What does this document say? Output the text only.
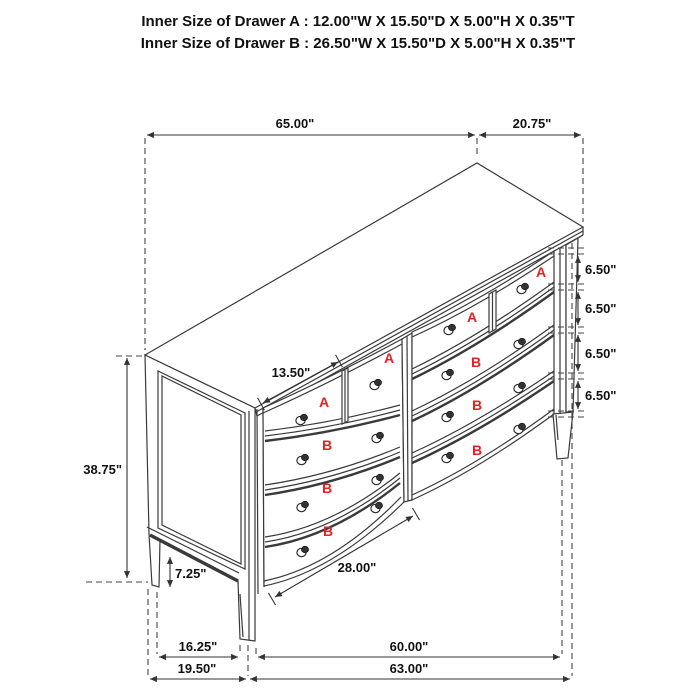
Inner Size of Drawer A : 12.00"W X 15.50"D X 5.00"H X 0.35"T
Inner Size of Drawer B : 26.50"W X 15.50"D X 5.00"H X 0.35"T
A
A
A
A
B
B
B
B
B
B
65.00"	20.75"
6.50"
6.50"
6.50"
6.50"
38.75"
7.25"
13.50"
28.00"
16.25"	60.00"
19.50"	63.00"
